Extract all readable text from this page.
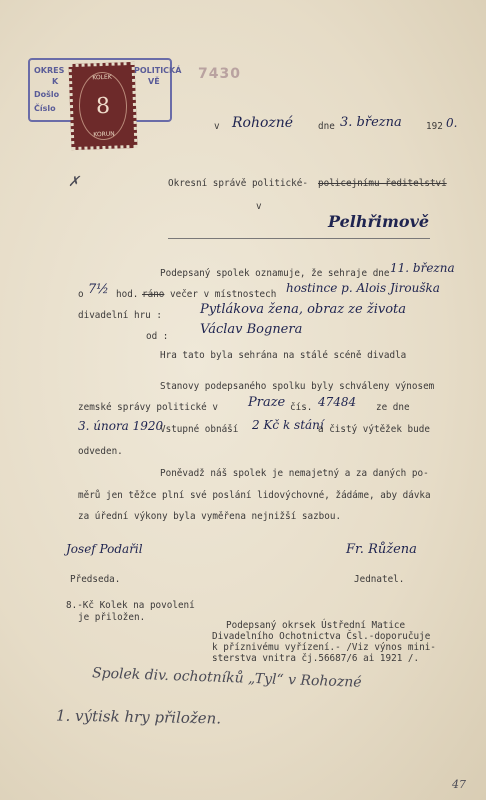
OKRES	POLITICKÁ
K	VĚ
Došlo
Číslo
KOLEK
8
KORUN
7430
v Rohozné	dne 3. března	192 0.
✗	Okresní správě politické- policejnímu ředitelství
v
Pelhřimově
Podepsaný spolek oznamuje, že sehraje dne 11. března
o 7½ hod. ráno večer v místnostech hostince p. Alois Jirouška
divadelní hru :	Pytlákova žena, obraz ze života
od : Václav Bognera
Hra tato byla sehrána na stálé scéně divadla
Stanovy podepsaného spolku byly schváleny výnosem
zemské správy politické v Praze čís. 47484 ze dne
3. února 1920
Vstupné obnáší 2 Kč k stání
a čistý výtěžek bude
odveden.
Poněvadž náš spolek je nemajetný a za daných po-
měrů jen těžce plní své poslání lidovýchovné, žádáme, aby dávka
za úřední výkony byla vyměřena nejnižší sazbou.
Josef Podařil
Předseda.
Fr. Růžena
Jednatel.
8.-Kč Kolek na povolení
je přiložen.
Podepsaný okrsek Ústřední Matice
Divadelního Ochotnictva Čsl.-doporučuje
k příznivému vyřízení.- /Viz výnos mini-
sterstva vnitra čj.56687/6 ai 1921 /.
Spolek div. ochotníků „Tyl“ v Rohozné
1. výtisk hry přiložen.
47
